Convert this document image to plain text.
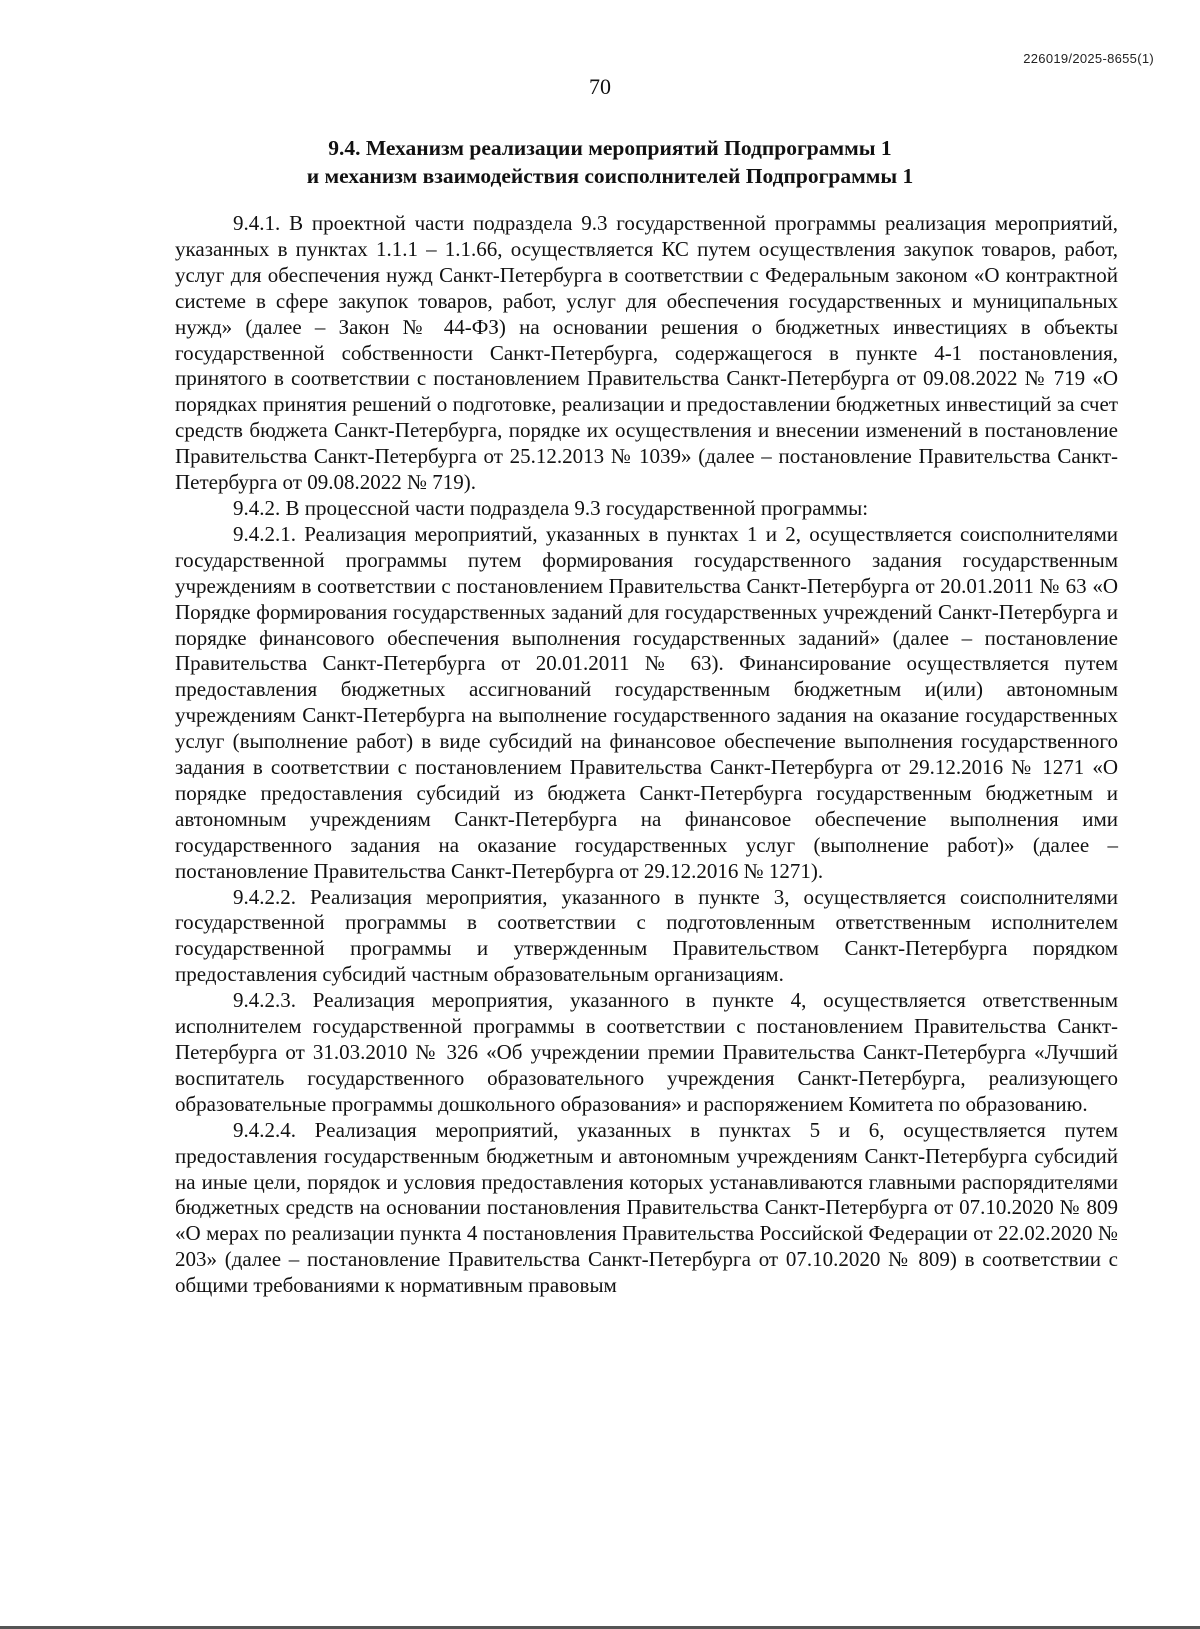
226019/2025-8655(1)
70
9.4. Механизм реализации мероприятий Подпрограммы 1
и механизм взаимодействия соисполнителей Подпрограммы 1

9.4.1. В проектной части подраздела 9.3 государственной программы реализация мероприятий, указанных в пунктах 1.1.1 – 1.1.66, осуществляется КС путем осуществления закупок товаров, работ, услуг для обеспечения нужд Санкт-Петербурга в соответствии с Федеральным законом «О контрактной системе в сфере закупок товаров, работ, услуг для обеспечения государственных и муниципальных нужд» (далее – Закон № 44-ФЗ) на основании решения о бюджетных инвестициях в объекты государственной собственности Санкт-Петербурга, содержащегося в пункте 4-1 постановления, принятого в соответствии с постановлением Правительства Санкт-Петербурга от 09.08.2022 № 719 «О порядках принятия решений о подготовке, реализации и предоставлении бюджетных инвестиций за счет средств бюджета Санкт-Петербурга, порядке их осуществления и внесении изменений в постановление Правительства Санкт-Петербурга от 25.12.2013 № 1039» (далее – постановление Правительства Санкт-Петербурга от 09.08.2022 № 719).

9.4.2. В процессной части подраздела 9.3 государственной программы:

9.4.2.1. Реализация мероприятий, указанных в пунктах 1 и 2, осуществляется соисполнителями государственной программы путем формирования государственного задания государственным учреждениям в соответствии с постановлением Правительства Санкт-Петербурга от 20.01.2011 № 63 «О Порядке формирования государственных заданий для государственных учреждений Санкт-Петербурга и порядке финансового обеспечения выполнения государственных заданий» (далее – постановление Правительства Санкт-Петербурга от 20.01.2011 № 63). Финансирование осуществляется путем предоставления бюджетных ассигнований государственным бюджетным и(или) автономным учреждениям Санкт-Петербурга на выполнение государственного задания на оказание государственных услуг (выполнение работ) в виде субсидий на финансовое обеспечение выполнения государственного задания в соответствии с постановлением Правительства Санкт-Петербурга от 29.12.2016 № 1271 «О порядке предоставления субсидий из бюджета Санкт-Петербурга государственным бюджетным и автономным учреждениям Санкт-Петербурга на финансовое обеспечение выполнения ими государственного задания на оказание государственных услуг (выполнение работ)» (далее – постановление Правительства Санкт-Петербурга от 29.12.2016 № 1271).

9.4.2.2. Реализация мероприятия, указанного в пункте 3, осуществляется соисполнителями государственной программы в соответствии с подготовленным ответственным исполнителем государственной программы и утвержденным Правительством Санкт-Петербурга порядком предоставления субсидий частным образовательным организациям.

9.4.2.3. Реализация мероприятия, указанного в пункте 4, осуществляется ответственным исполнителем государственной программы в соответствии с постановлением Правительства Санкт-Петербурга от 31.03.2010 № 326 «Об учреждении премии Правительства Санкт-Петербурга «Лучший воспитатель государственного образовательного учреждения Санкт-Петербурга, реализующего образовательные программы дошкольного образования» и распоряжением Комитета по образованию.

9.4.2.4. Реализация мероприятий, указанных в пунктах 5 и 6, осуществляется путем предоставления государственным бюджетным и автономным учреждениям Санкт-Петербурга субсидий на иные цели, порядок и условия предоставления которых устанавливаются главными распорядителями бюджетных средств на основании постановления Правительства Санкт-Петербурга от 07.10.2020 № 809 «О мерах по реализации пункта 4 постановления Правительства Российской Федерации от 22.02.2020 № 203» (далее – постановление Правительства Санкт-Петербурга от 07.10.2020 № 809) в соответствии с общими требованиями к нормативным правовым
